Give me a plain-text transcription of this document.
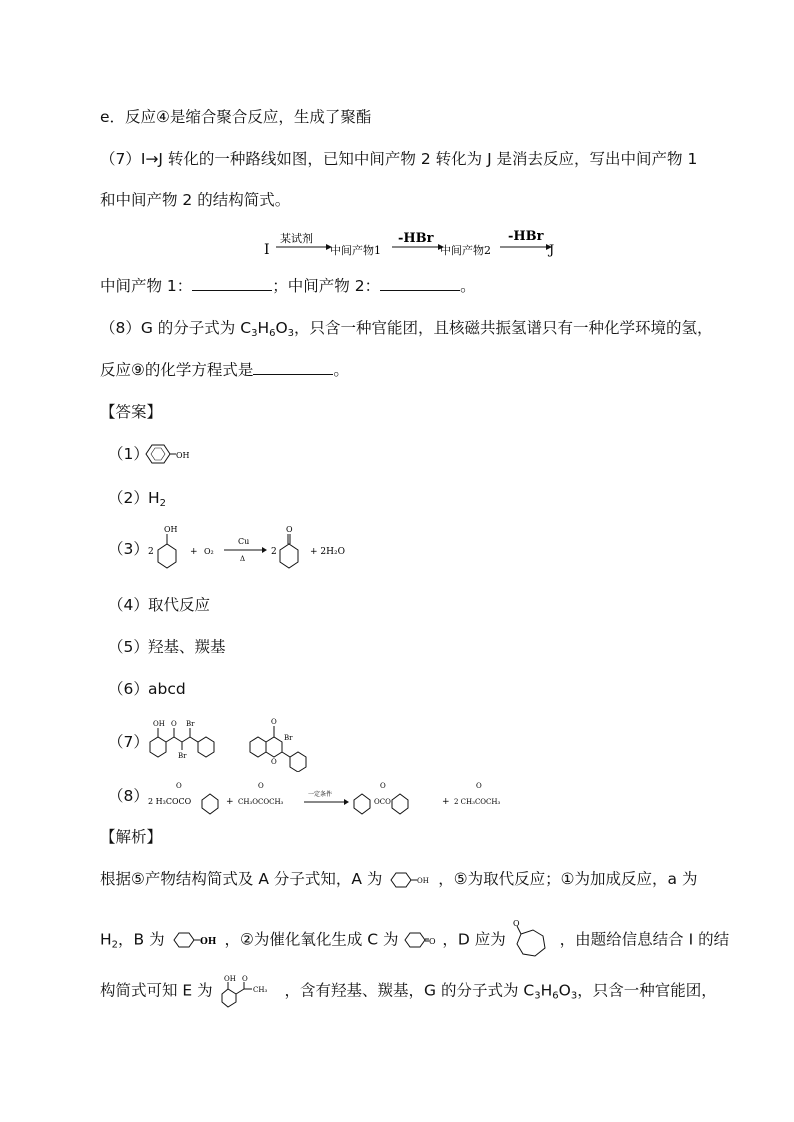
e．反应④是缩合聚合反应，生成了聚酯
（7）I→J 转化的一种路线如图，已知中间产物 2 转化为 J 是消去反应，写出中间产物 1
和中间产物 2 的结构简式。
I
某试剂
中间产物1
-HBr
中间产物2
-HBr
J
中间产物 1：	；中间产物 2：	。
（8）G 的分子式为 $C_3H_6O_3$，只含一种官能团，且核磁共振氢谱只有一种化学环境的氢，
反应⑨的化学方程式是	。
【答案】
（1）	OH
（2） $H_2$
（3） 2
OH
+ O₂
Cu
Δ
2
O
+ 2H₂O
（4） 取代反应
（5） 羟基、羰基
（6） abcd
（7）
OH O
Br
Br	O
Br
O
（8） 2 H₃COCO
O
+ CH₃OCOCH₃
O
一定条件
OCO
O
+ 2 CH₃COCH₃
O
【解析】
根据⑤产物结构简式及 A 分子式知，A 为	OH ，⑤为取代反应；①为加成反应，a 为
$H_2$，B 为	OH ，②为催化氧化生成 C 为	O ，D 应为
O
，由题给信息结合 I 的结
构简式可知 E 为
OH O
CH₃ ，含有羟基、羰基，G 的分子式为 $C_3H_6O_3$，只含一种官能团，
